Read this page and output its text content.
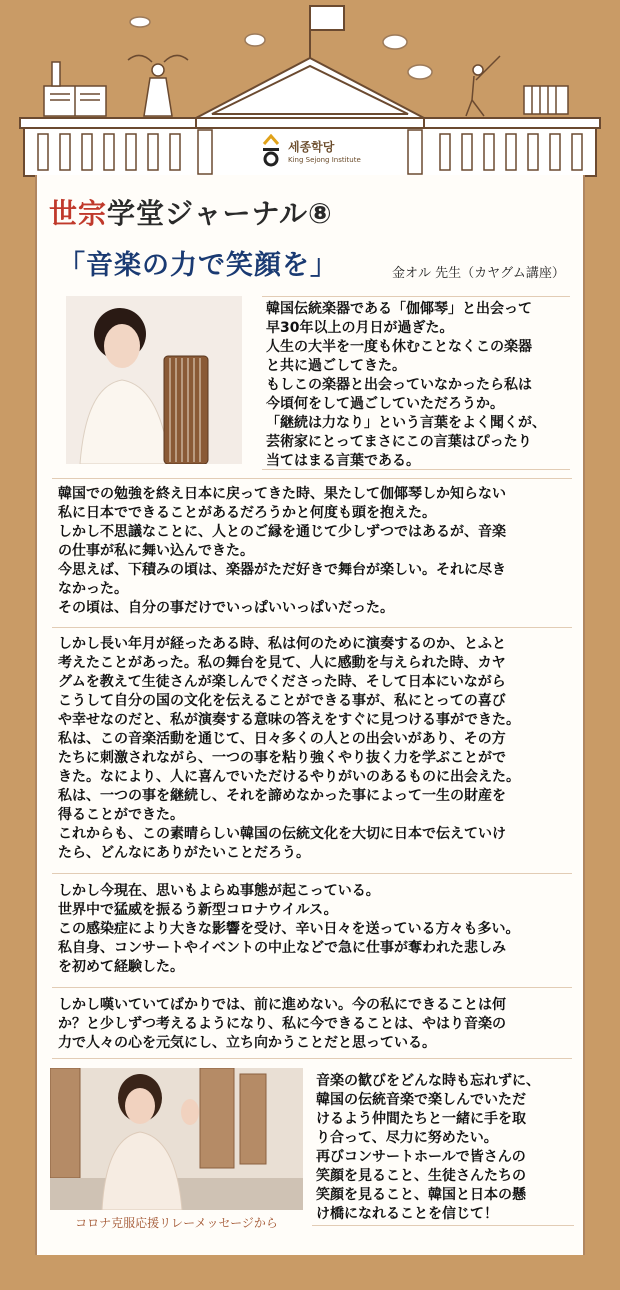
세종학당
King Sejong Institute
世宗学堂ジャーナル⑧
「音楽の力で笑顔を」	金オル 先生（カヤグム講座）
韓国伝統楽器である「伽倻琴」と出会って
早30年以上の月日が過ぎた。
人生の大半を一度も休むことなくこの楽器
と共に過ごしてきた。
もしこの楽器と出会っていなかったら私は
今頃何をして過ごしていただろうか。
「継続は力なり」という言葉をよく聞くが、
芸術家にとってまさにこの言葉はぴったり
当てはまる言葉である。
韓国での勉強を終え日本に戻ってきた時、果たして伽倻琴しか知らない
私に日本でできることがあるだろうかと何度も頭を抱えた。
しかし不思議なことに、人とのご縁を通じて少しずつではあるが、音楽
の仕事が私に舞い込んできた。
今思えば、下積みの頃は、楽器がただ好きで舞台が楽しい。それに尽き
なかった。
その頃は、自分の事だけでいっぱいいっぱいだった。
しかし長い年月が経ったある時、私は何のために演奏するのか、とふと
考えたことがあった。私の舞台を見て、人に感動を与えられた時、カヤ
グムを教えて生徒さんが楽しんでくださった時、そして日本にいながら
こうして自分の国の文化を伝えることができる事が、私にとっての喜び
や幸せなのだと、私が演奏する意味の答えをすぐに見つける事ができた。
私は、この音楽活動を通じて、日々多くの人との出会いがあり、その方
たちに刺激されながら、一つの事を粘り強くやり抜く力を学ぶことがで
きた。なにより、人に喜んでいただけるやりがいのあるものに出会えた。
私は、一つの事を継続し、それを諦めなかった事によって一生の財産を
得ることができた。
これからも、この素晴らしい韓国の伝統文化を大切に日本で伝えていけ
たら、どんなにありがたいことだろう。
しかし今現在、思いもよらぬ事態が起こっている。
世界中で猛威を振るう新型コロナウイルス。
この感染症により大きな影響を受け、辛い日々を送っている方々も多い。
私自身、コンサートやイベントの中止などで急に仕事が奪われた悲しみ
を初めて経験した。
しかし嘆いていてばかりでは、前に進めない。今の私にできることは何
か？と少しずつ考えるようになり、私に今できることは、やはり音楽の
力で人々の心を元気にし、立ち向かうことだと思っている。
コロナ克服応援リレーメッセージから
音楽の歓びをどんな時も忘れずに、
韓国の伝統音楽で楽しんでいただ
けるよう仲間たちと一緒に手を取
り合って、尽力に努めたい。
再びコンサートホールで皆さんの
笑顔を見ること、生徒さんたちの
笑顔を見ること、韓国と日本の懸
け橋になれることを信じて！
